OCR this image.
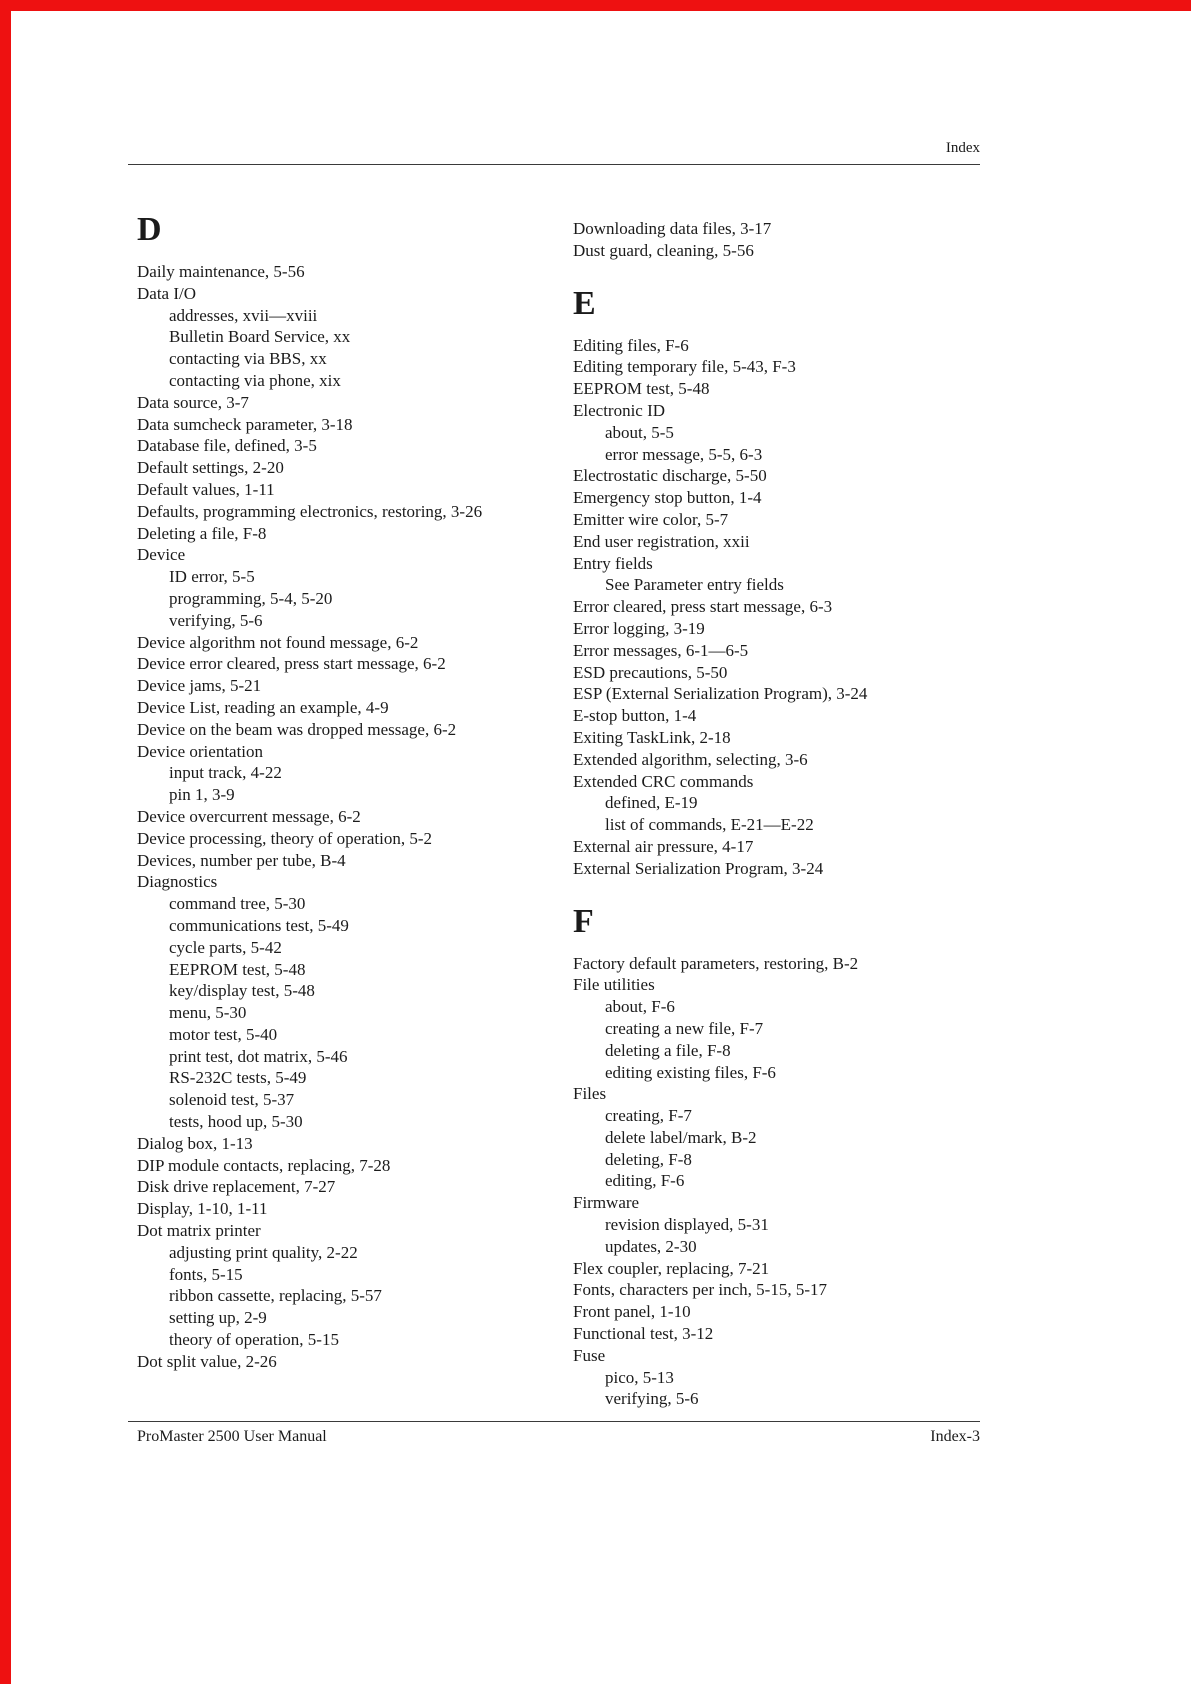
Index
D
Daily maintenance, 5-56
Data I/O
addresses, xvii—xviii
Bulletin Board Service, xx
contacting via BBS, xx
contacting via phone, xix
Data source, 3-7
Data sumcheck parameter, 3-18
Database file, defined, 3-5
Default settings, 2-20
Default values, 1-11
Defaults, programming electronics, restoring, 3-26
Deleting a file, F-8
Device
ID error, 5-5
programming, 5-4, 5-20
verifying, 5-6
Device algorithm not found message, 6-2
Device error cleared, press start message, 6-2
Device jams, 5-21
Device List, reading an example, 4-9
Device on the beam was dropped message, 6-2
Device orientation
input track, 4-22
pin 1, 3-9
Device overcurrent message, 6-2
Device processing, theory of operation, 5-2
Devices, number per tube, B-4
Diagnostics
command tree, 5-30
communications test, 5-49
cycle parts, 5-42
EEPROM test, 5-48
key/display test, 5-48
menu, 5-30
motor test, 5-40
print test, dot matrix, 5-46
RS-232C tests, 5-49
solenoid test, 5-37
tests, hood up, 5-30
Dialog box, 1-13
DIP module contacts, replacing, 7-28
Disk drive replacement, 7-27
Display, 1-10, 1-11
Dot matrix printer
adjusting print quality, 2-22
fonts, 5-15
ribbon cassette, replacing, 5-57
setting up, 2-9
theory of operation, 5-15
Dot split value, 2-26
Downloading data files, 3-17
Dust guard, cleaning, 5-56
E
Editing files, F-6
Editing temporary file, 5-43, F-3
EEPROM test, 5-48
Electronic ID
about, 5-5
error message, 5-5, 6-3
Electrostatic discharge, 5-50
Emergency stop button, 1-4
Emitter wire color, 5-7
End user registration, xxii
Entry fields
See Parameter entry fields
Error cleared, press start message, 6-3
Error logging, 3-19
Error messages, 6-1—6-5
ESD precautions, 5-50
ESP (External Serialization Program), 3-24
E-stop button, 1-4
Exiting TaskLink, 2-18
Extended algorithm, selecting, 3-6
Extended CRC commands
defined, E-19
list of commands, E-21—E-22
External air pressure, 4-17
External Serialization Program, 3-24
F
Factory default parameters, restoring, B-2
File utilities
about, F-6
creating a new file, F-7
deleting a file, F-8
editing existing files, F-6
Files
creating, F-7
delete label/mark, B-2
deleting, F-8
editing, F-6
Firmware
revision displayed, 5-31
updates, 2-30
Flex coupler, replacing, 7-21
Fonts, characters per inch, 5-15, 5-17
Front panel, 1-10
Functional test, 3-12
Fuse
pico, 5-13
verifying, 5-6
ProMaster 2500 User Manual	Index-3
